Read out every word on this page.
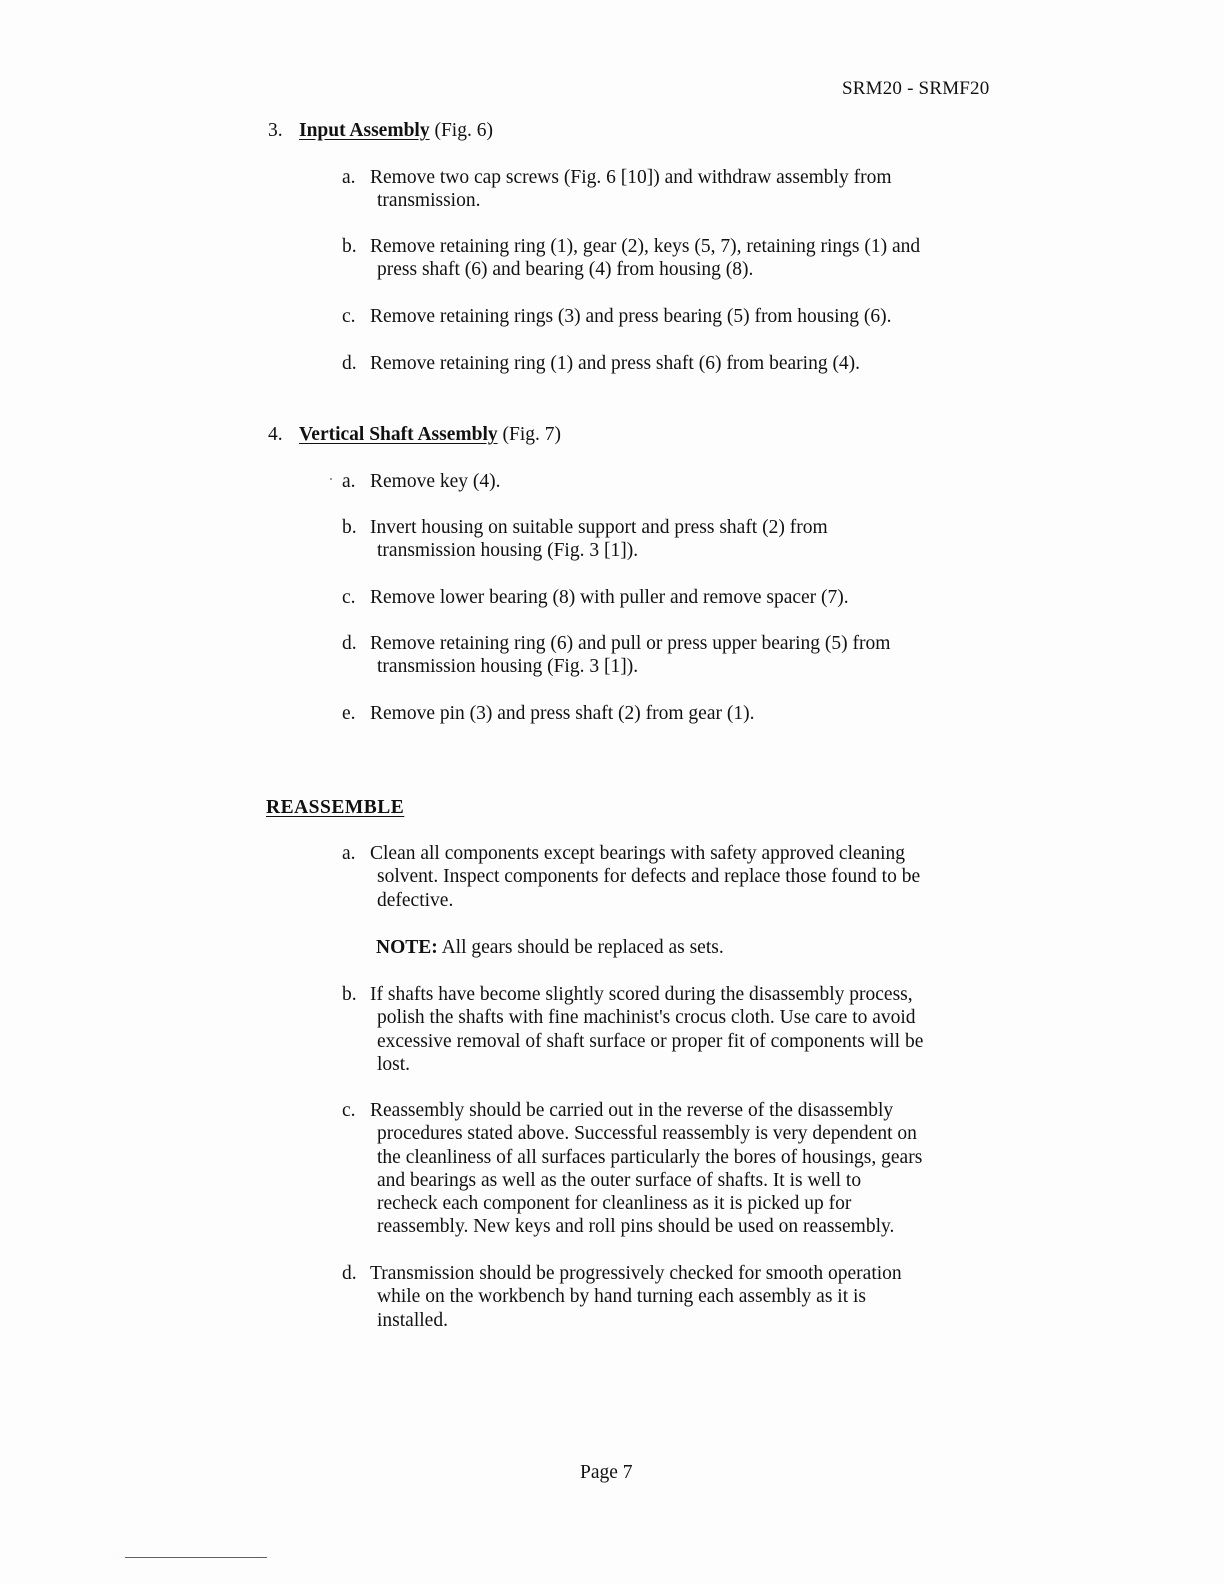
SRM20 - SRMF20
3. Input Assembly (Fig. 6)
a. Remove two cap screws (Fig. 6 [10]) and withdraw assembly from
transmission.
b. Remove retaining ring (1), gear (2), keys (5, 7), retaining rings (1) and
press shaft (6) and bearing (4) from housing (8).
c. Remove retaining rings (3) and press bearing (5) from housing (6).
d. Remove retaining ring (1) and press shaft (6) from bearing (4).
4. Vertical Shaft Assembly (Fig. 7)
a. Remove key (4).
b. Invert housing on suitable support and press shaft (2) from
transmission housing (Fig. 3 [1]).
c. Remove lower bearing (8) with puller and remove spacer (7).
d. Remove retaining ring (6) and pull or press upper bearing (5) from
transmission housing (Fig. 3 [1]).
e. Remove pin (3) and press shaft (2) from gear (1).
REASSEMBLE
a. Clean all components except bearings with safety approved cleaning
solvent. Inspect components for defects and replace those found to be
defective.
NOTE: All gears should be replaced as sets.
b. If shafts have become slightly scored during the disassembly process,
polish the shafts with fine machinist's crocus cloth. Use care to avoid
excessive removal of shaft surface or proper fit of components will be
lost.
c. Reassembly should be carried out in the reverse of the disassembly
procedures stated above. Successful reassembly is very dependent on
the cleanliness of all surfaces particularly the bores of housings, gears
and bearings as well as the outer surface of shafts. It is well to
recheck each component for cleanliness as it is picked up for
reassembly. New keys and roll pins should be used on reassembly.
d. Transmission should be progressively checked for smooth operation
while on the workbench by hand turning each assembly as it is
installed.
Page 7
